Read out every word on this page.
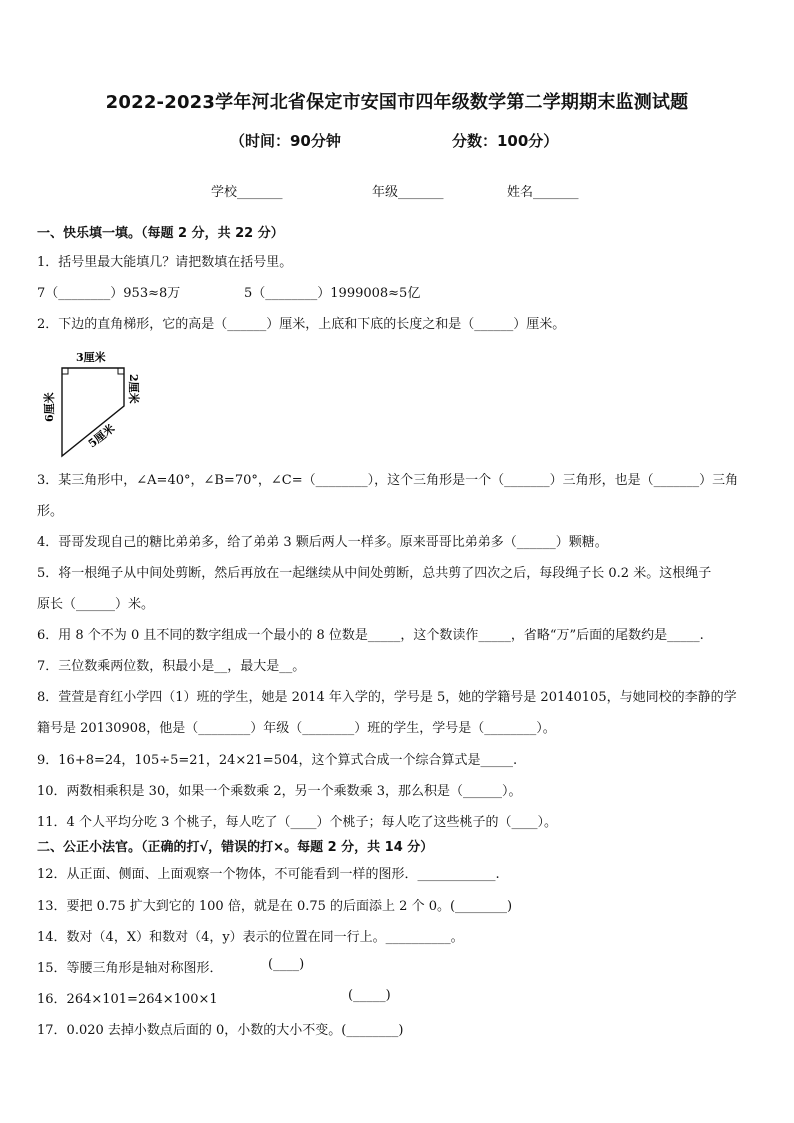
2022-2023学年河北省保定市安国市四年级数学第二学期期末监测试题
（时间：90分钟	分数：100分）
学校_______	年级_______	姓名_______
一、快乐填一填。（每题 2 分，共 22 分）
1．括号里最大能填几？请把数填在括号里。
7（________）953≈8万	5（________）1999008≈5亿
2．下边的直角梯形，它的高是（______）厘米，上底和下底的长度之和是（______）厘米。
3厘米
6厘米
2厘米
5厘米
3．某三角形中，∠A=40°，∠B=70°，∠C=（________），这个三角形是一个（_______）三角形，也是（_______）三角
形。
4．哥哥发现自己的糖比弟弟多，给了弟弟 3 颗后两人一样多。原来哥哥比弟弟多（______）颗糖。
5．将一根绳子从中间处剪断，然后再放在一起继续从中间处剪断，总共剪了四次之后，每段绳子长 0.2 米。这根绳子
原长（______）米。
6．用 8 个不为 0 且不同的数字组成一个最小的 8 位数是_____，这个数读作_____，省略“万”后面的尾数约是_____.
7．三位数乘两位数，积最小是__，最大是__。
8．萱萱是育红小学四（1）班的学生，她是 2014 年入学的，学号是 5，她的学籍号是 20140105，与她同校的李静的学
籍号是 20130908，他是（________）年级（________）班的学生，学号是（________）。
9．16+8=24，105÷5=21，24×21=504，这个算式合成一个综合算式是_____.
10．两数相乘积是 30，如果一个乘数乘 2，另一个乘数乘 3，那么积是（______）。
11．4 个人平均分吃 3 个桃子，每人吃了（____）个桃子；每人吃了这些桃子的（____）。
二、公正小法官。（正确的打√，错误的打×。每题 2 分，共 14 分）
12．从正面、侧面、上面观察一个物体，不可能看到一样的图形．____________.
13．要把 0.75 扩大到它的 100 倍，就是在 0.75 的后面添上 2 个 0。(________)
14．数对（4，X）和数对（4，y）表示的位置在同一行上。__________。
15．等腰三角形是轴对称图形．	(____)
16．264×101=264×100×1	(_____)
17．0.020 去掉小数点后面的 0，小数的大小不变。(________)
